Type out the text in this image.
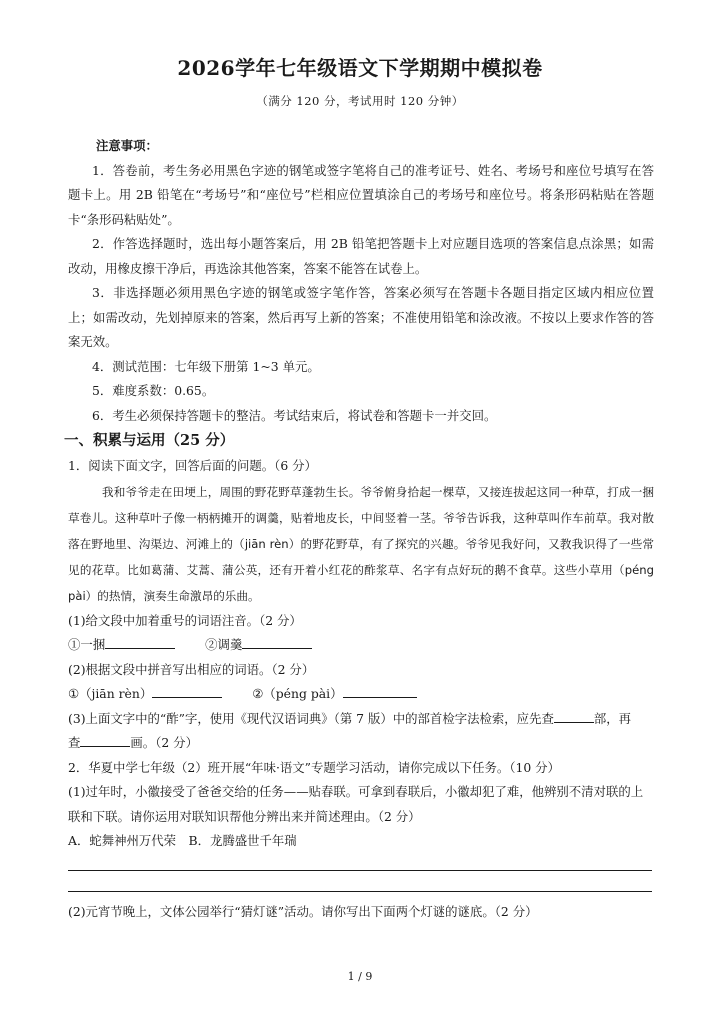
2026学年七年级语文下学期期中模拟卷
（满分 120 分，考试用时 120 分钟）

注意事项：

1．答卷前，考生务必用黑色字迹的钢笔或签字笔将自己的准考证号、姓名、考场号和座位号填写在答题卡上。用 2B 铅笔在“考场号”和“座位号”栏相应位置填涂自己的考场号和座位号。将条形码粘贴在答题卡“条形码粘贴处”。

2．作答选择题时，选出每小题答案后，用 2B 铅笔把答题卡上对应题目选项的答案信息点涂黑；如需改动，用橡皮擦干净后，再选涂其他答案，答案不能答在试卷上。

3．非选择题必须用黑色字迹的钢笔或签字笔作答，答案必须写在答题卡各题目指定区域内相应位置上；如需改动，先划掉原来的答案，然后再写上新的答案；不准使用铅笔和涂改液。不按以上要求作答的答案无效。

4．测试范围：七年级下册第 1~3 单元。

5．难度系数：0.65。

6．考生必须保持答题卡的整洁。考试结束后，将试卷和答题卡一并交回。

一、积累与运用（25 分）

1．阅读下面文字，回答后面的问题。（6 分）

我和爷爷走在田埂上，周围的野花野草蓬勃生长。爷爷俯身拾起一棵草，又接连拔起这同一种草，打成一捆草卷儿。这种草叶子像一柄柄摊开的调羹，贴着地皮长，中间竖着一茎。爷爷告诉我，这种草叫作车前草。我对散落在野地里、沟渠边、河滩上的（jiān rèn）的野花野草，有了探究的兴趣。爷爷见我好问，又教我识得了一些常见的花草。比如葛蒲、艾蒿、蒲公英，还有开着小红花的酢浆草、名字有点好玩的鹅不食草。这些小草用（péng pài）的热情，演奏生命激昂的乐曲。

(1)给文段中加着重号的词语注音。（2 分）

①一捆	②调羹

(2)根据文段中拼音写出相应的词语。（2 分）

①（jiān rèn）	②（péng pài）

(3)上面文字中的“酢”字，使用《现代汉语词典》（第 7 版）中的部首检字法检索，应先查	部，再

查	画。（2 分）

2．华夏中学七年级（2）班开展“年味·语文”专题学习活动，请你完成以下任务。（10 分）

(1)过年时，小徽接受了爸爸交给的任务——贴春联。可拿到春联后，小徽却犯了难，他辨别不清对联的上联和下联。请你运用对联知识帮他分辨出来并简述理由。（2 分）

A．蛇舞神州万代荣　B．龙腾盛世千年瑞

(2)元宵节晚上，文体公园举行“猜灯谜”活动。请你写出下面两个灯谜的谜底。（2 分）

1 / 9
